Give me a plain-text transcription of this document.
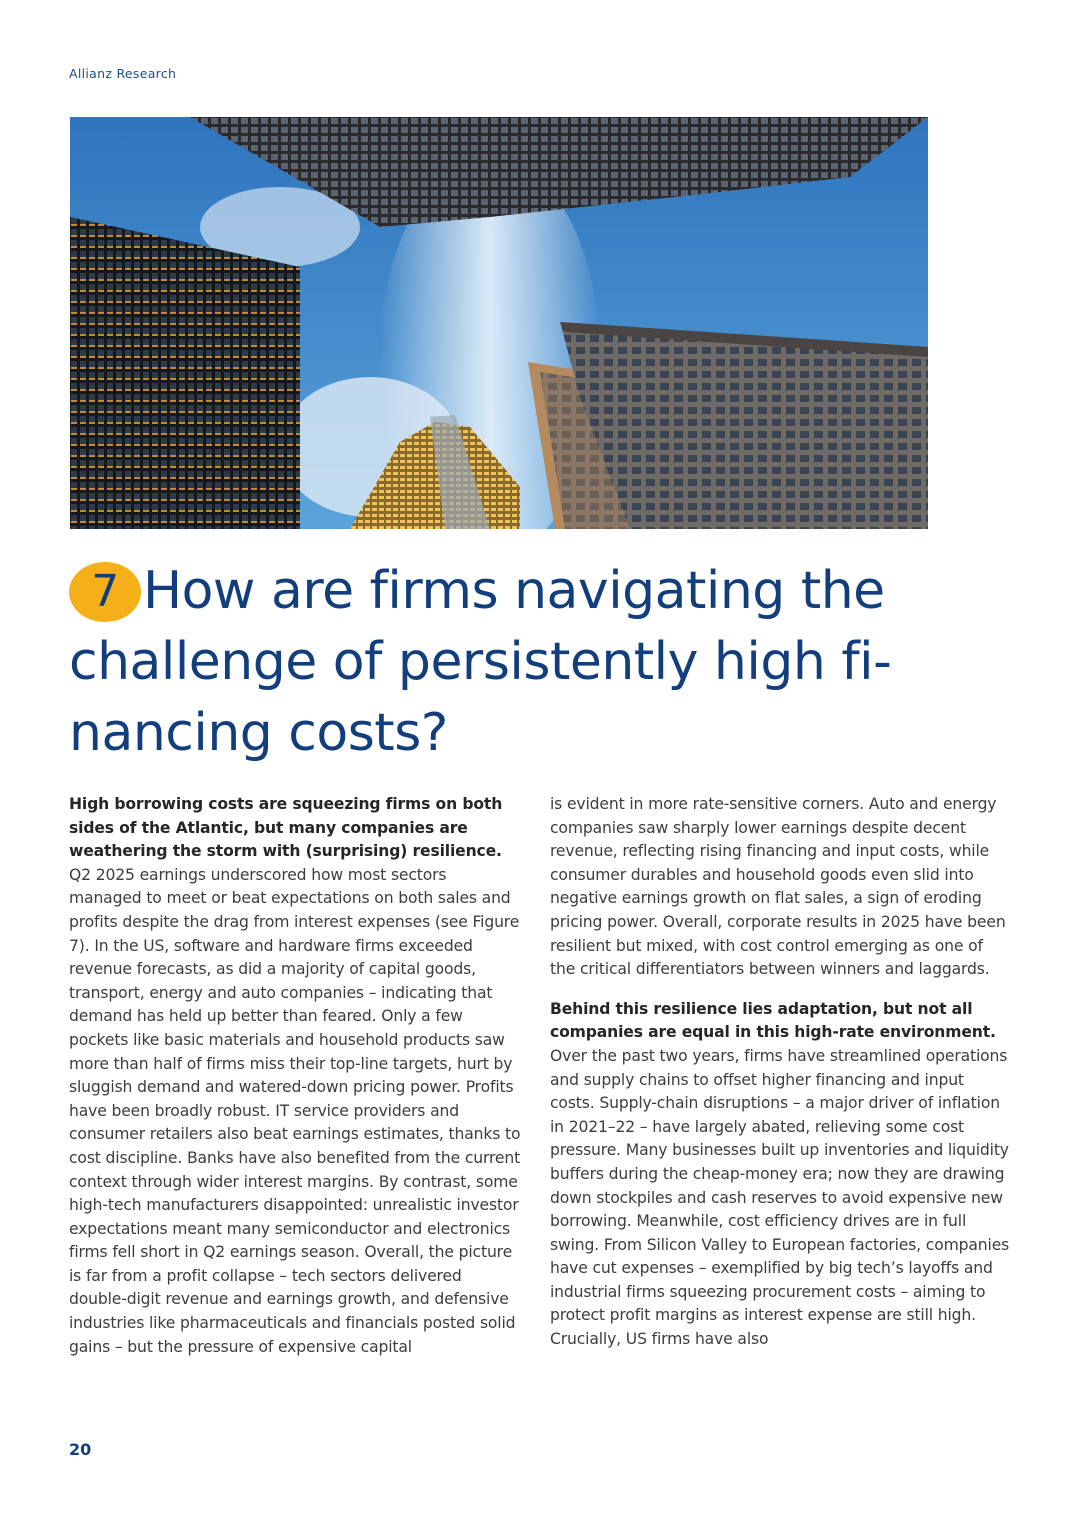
Allianz Research
7 How are firms navigating the challenge of persistently high fi-nancing costs?

High borrowing costs are squeezing firms on both sides of the Atlantic, but many companies are weathering the storm with (surprising) resilience. Q2 2025 earnings underscored how most sectors managed to meet or beat expectations on both sales and profits despite the drag from interest expenses (see Figure 7). In the US, software and hardware firms exceeded revenue forecasts, as did a majority of capital goods, transport, energy and auto companies – indicating that demand has held up better than feared. Only a few pockets like basic materials and household products saw more than half of firms miss their top-line targets, hurt by sluggish demand and watered-down pricing power. Profits have been broadly robust. IT service providers and consumer retailers also beat earnings estimates, thanks to cost discipline. Banks have also benefited from the current context through wider interest margins. By contrast, some high-tech manufacturers disappointed: unrealistic investor expectations meant many semiconductor and electronics firms fell short in Q2 earnings season. Overall, the picture is far from a profit collapse – tech sectors delivered double-digit revenue and earnings growth, and defensive industries like pharmaceuticals and financials posted solid gains – but the pressure of expensive capital

is evident in more rate-sensitive corners. Auto and energy companies saw sharply lower earnings despite decent revenue, reflecting rising financing and input costs, while consumer durables and household goods even slid into negative earnings growth on flat sales, a sign of eroding pricing power. Overall, corporate results in 2025 have been resilient but mixed, with cost control emerging as one of the critical differentiators between winners and laggards.

Behind this resilience lies adaptation, but not all companies are equal in this high-rate environment. Over the past two years, firms have streamlined operations and supply chains to offset higher financing and input costs. Supply-chain disruptions – a major driver of inflation in 2021–22 – have largely abated, relieving some cost pressure. Many businesses built up inventories and liquidity buffers during the cheap-money era; now they are drawing down stockpiles and cash reserves to avoid expensive new borrowing. Meanwhile, cost efficiency drives are in full swing. From Silicon Valley to European factories, companies have cut expenses – exemplified by big tech’s layoffs and industrial firms squeezing procurement costs – aiming to protect profit margins as interest expense are still high. Crucially, US firms have also

20
